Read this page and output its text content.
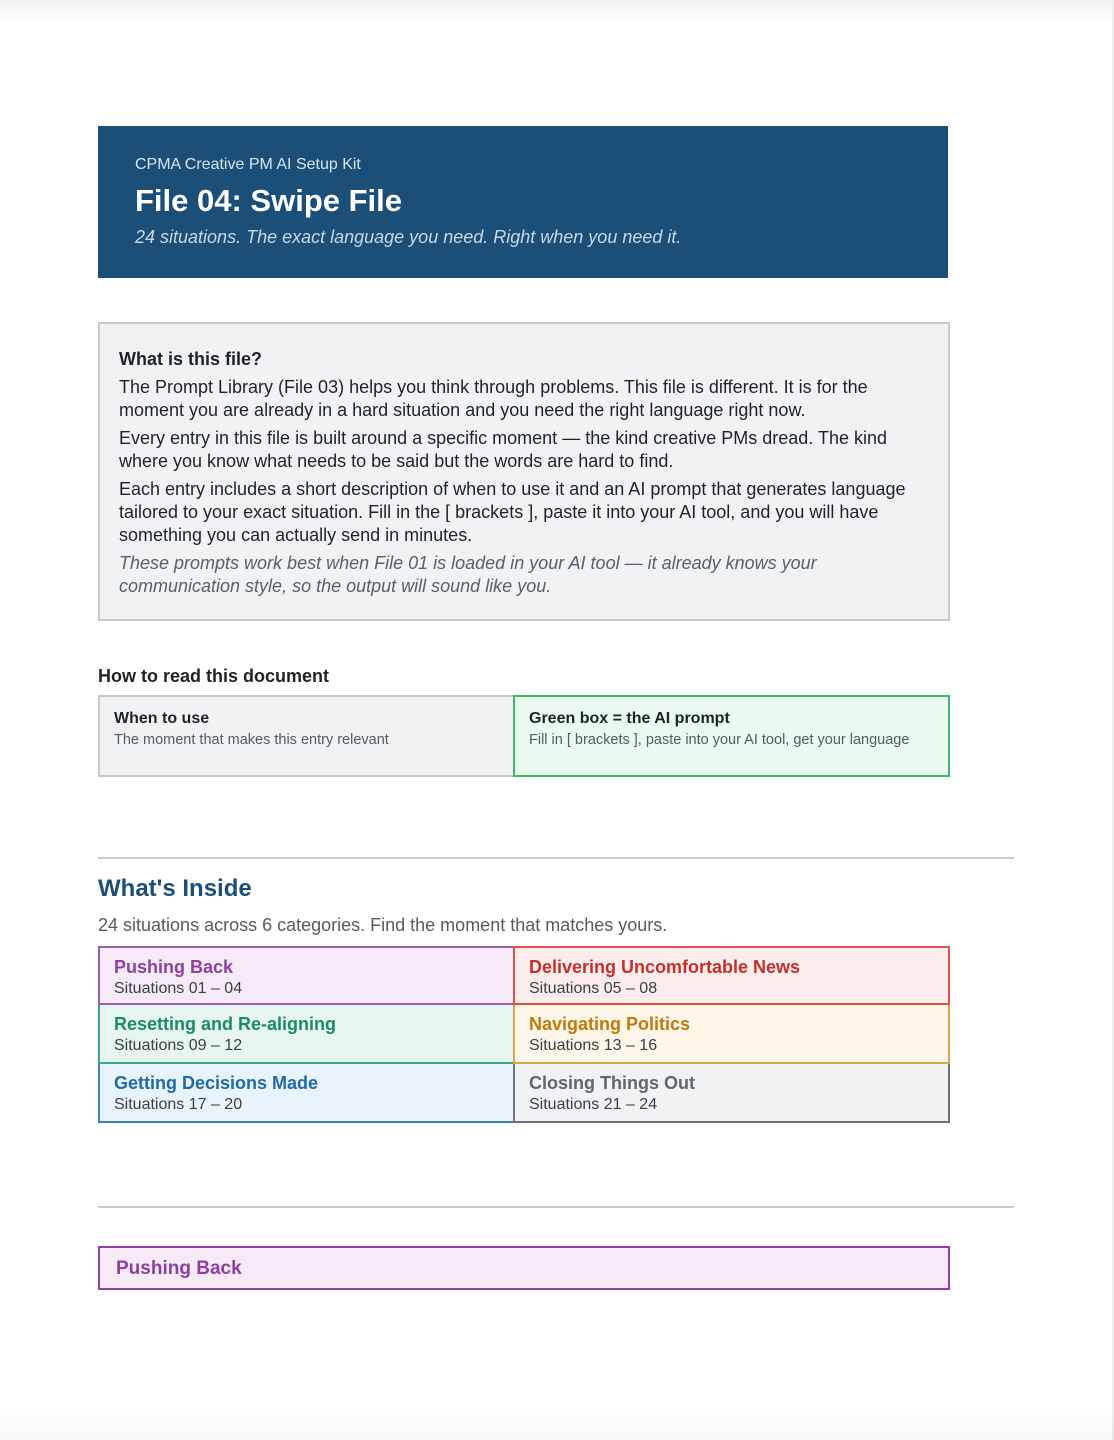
CPMA Creative PM AI Setup Kit

File 04: Swipe File

24 situations. The exact language you need. Right when you need it.

What is this file?

The Prompt Library (File 03) helps you think through problems. This file is different. It is for the moment you are already in a hard situation and you need the right language right now.

Every entry in this file is built around a specific moment — the kind creative PMs dread. The kind where you know what needs to be said but the words are hard to find.

Each entry includes a short description of when to use it and an AI prompt that generates language tailored to your exact situation. Fill in the [ brackets ], paste it into your AI tool, and you will have something you can actually send in minutes.

These prompts work best when File 01 is loaded in your AI tool — it already knows your communication style, so the output will sound like you.

How to read this document
When to use
The moment that makes this entry relevant
Green box = the AI prompt
Fill in [ brackets ], paste into your AI tool, get your language
What's Inside

24 situations across 6 categories. Find the moment that matches yours.

Pushing Back
Situations 01 – 04
Delivering Uncomfortable News
Situations 05 – 08
Resetting and Re-aligning
Situations 09 – 12
Navigating Politics
Situations 13 – 16
Getting Decisions Made
Situations 17 – 20
Closing Things Out
Situations 21 – 24
Pushing Back
